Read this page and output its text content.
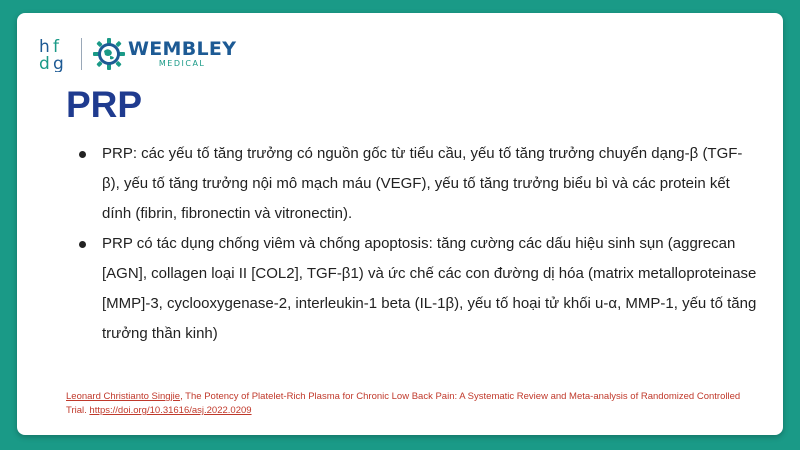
h f
d g
WEMBLEY
MEDICAL
PRP
PRP: các yếu tố tăng trưởng có nguồn gốc từ tiểu cầu, yếu tố tăng trưởng chuyển dạng-β (TGF-β), yếu tố tăng trưởng nội mô mạch máu (VEGF), yếu tố tăng trưởng biểu bì và các protein kết dính (fibrin, fibronectin và vitronectin).
PRP có tác dụng chống viêm và chống apoptosis: tăng cường các dấu hiệu sinh sụn (aggrecan [AGN], collagen loại II [COL2], TGF-β1) và ức chế các con đường dị hóa (matrix metalloproteinase [MMP]-3, cyclooxygenase-2, interleukin-1 beta (IL-1β), yếu tố hoại tử khối u-α, MMP-1, yếu tố tăng trưởng thần kinh)
Leonard Christianto Singjie, The Potency of Platelet-Rich Plasma for Chronic Low Back Pain: A Systematic Review and Meta-analysis of Randomized Controlled Trial. https://doi.org/10.31616/asj.2022.0209
